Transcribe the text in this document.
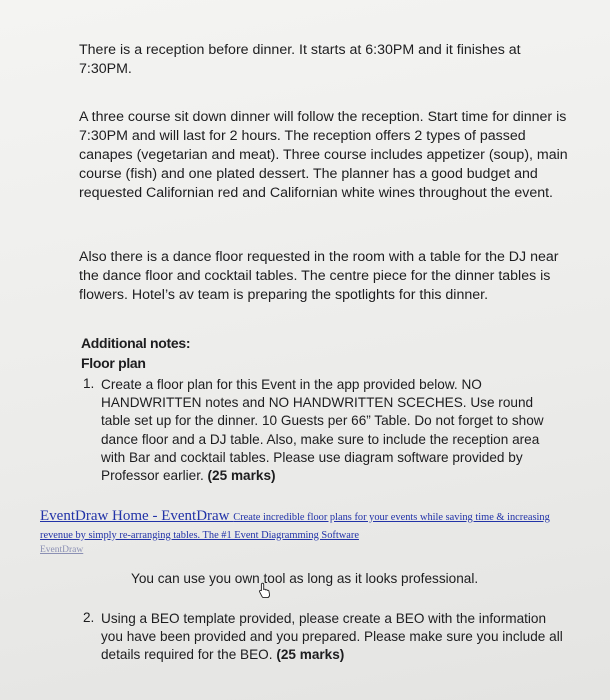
There is a reception before dinner. It starts at 6:30PM and it finishes at 7:30PM.

A three course sit down dinner will follow the reception. Start time for dinner is 7:30PM and will last for 2 hours. The reception offers 2 types of passed canapes (vegetarian and meat). Three course includes appetizer (soup), main course (fish) and one plated dessert. The planner has a good budget and requested Californian red and Californian white wines throughout the event.

Also there is a dance floor requested in the room with a table for the DJ near the dance floor and cocktail tables. The centre piece for the dinner tables is flowers. Hotel’s av team is preparing the spotlights for this dinner.

Additional notes:
Floor plan
1. Create a floor plan for this Event in the app provided below. NO HANDWRITTEN notes and NO HANDWRITTEN SCECHES. Use round table set up for the dinner. 10 Guests per 66” Table. Do not forget to show dance floor and a DJ table. Also, make sure to include the reception area with Bar and cocktail tables. Please use diagram software provided by Professor earlier. (25 marks)

EventDraw Home - EventDraw Create incredible floor plans for your events while saving time & increasing revenue by simply re-arranging tables. The #1 Event Diagramming Software
EventDraw

You can use you own tool as long as it looks professional.

2. Using a BEO template provided, please create a BEO with the information you have been provided and you prepared. Please make sure you include all details required for the BEO. (25 marks)
